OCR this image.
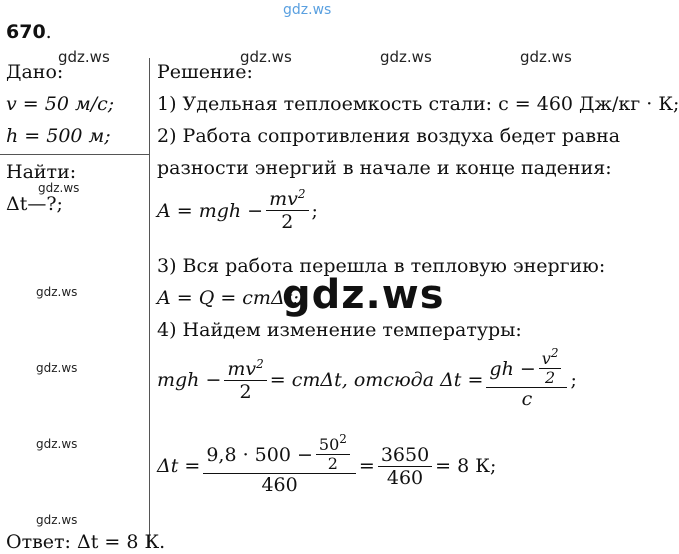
gdz.ws
670.
gdz.ws	gdz.ws	gdz.ws	gdz.ws
Дано:
v = 50 м/с;
h = 500 м;
Найти:
gdz.ws
Δt—?;
gdz.ws
gdz.ws
gdz.ws
gdz.ws
Решение:
1) Удельная теплоемкость стали: c = 460 Дж/кг · К;
2) Работа сопротивления воздуха бедет равна
разности энергий в начале и конце падения:
A = mgh − $\frac{mv^2}{2}$ ;
3) Вся работа перешла в тепловую энергию:
A = Q = cmΔt;
gdz.ws
4) Найдем изменение температуры:
mgh − $\frac{mv^2}{2} = cm\Delta t$, отсюда $\Delta t = \frac{gh - \frac{v^2}{2}}{c}$ ;
$\Delta t = \frac{9,8 \cdot 500 - \frac{50^2}{2}}{460} = \frac{3650}{460} = 8$ К;
Ответ: Δt = 8 К.
